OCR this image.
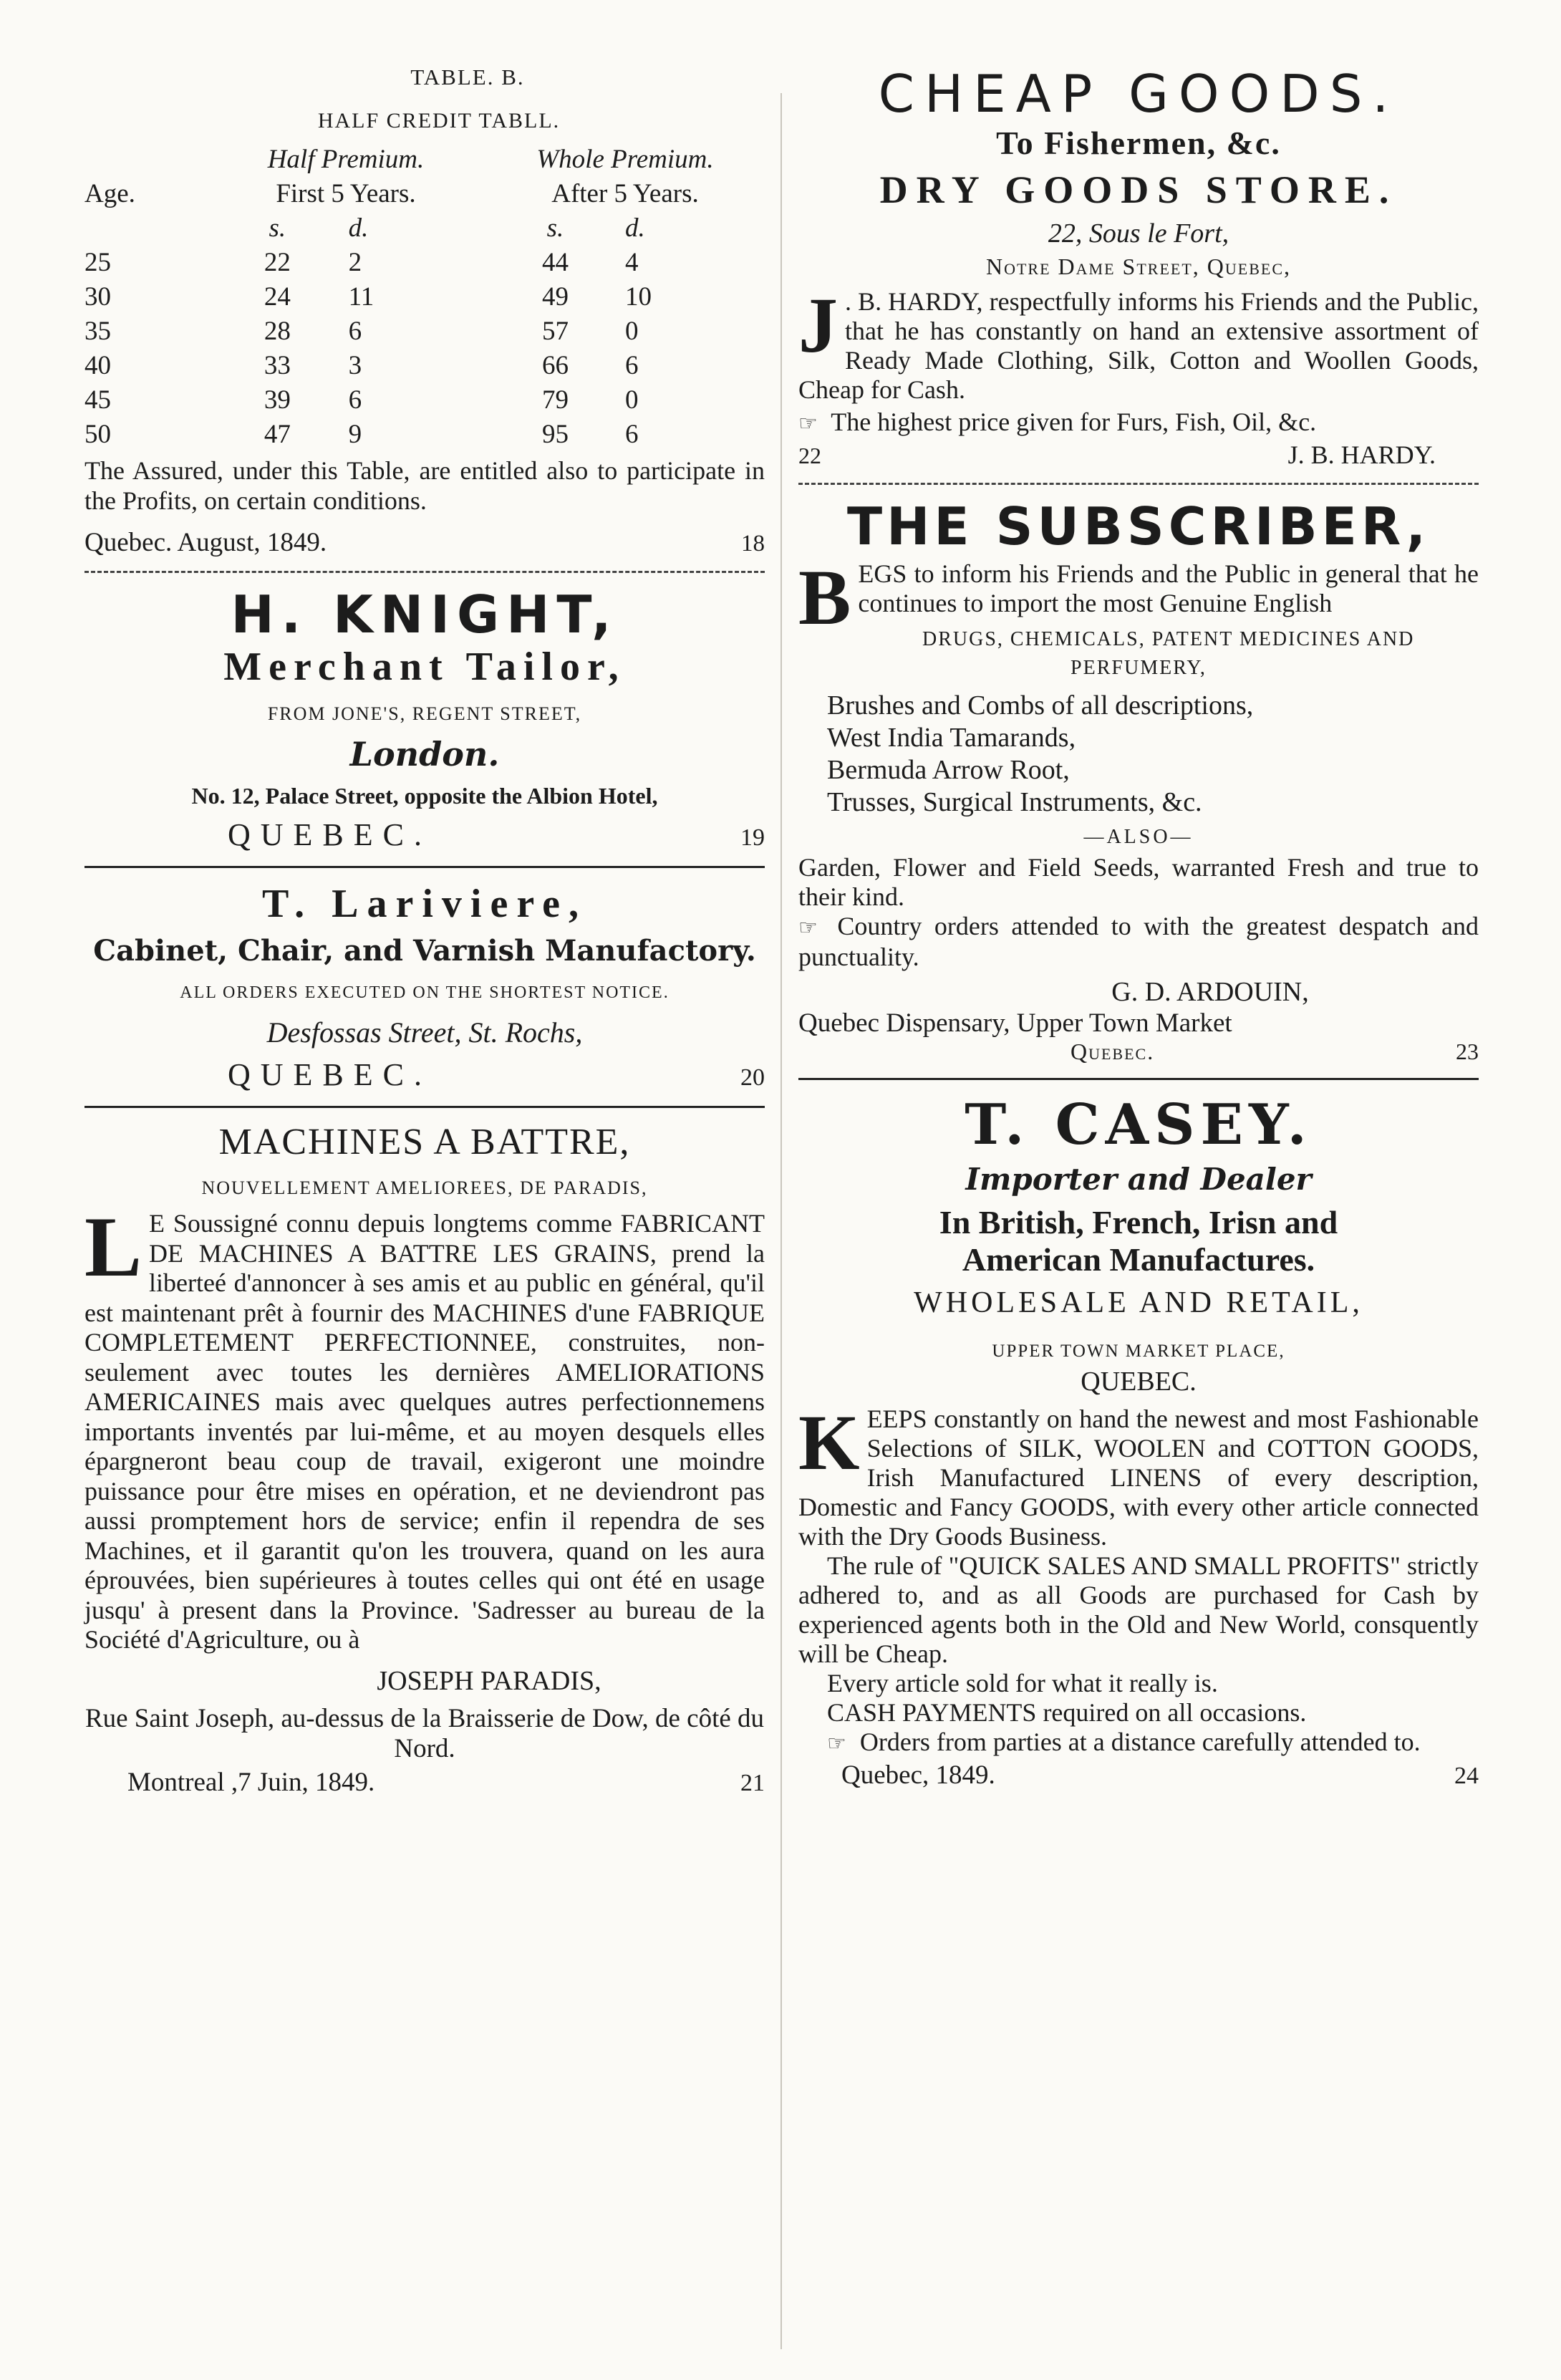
TABLE. B.
HALF CREDIT TABLL.
	Half Premium.		Whole Premium.	
Age.	First 5 Years.		After 5 Years.	
	s.	d.	s.	d.
25	22	2	44	4
30	24	11	49	10
35	28	6	57	0
40	33	3	66	6
45	39	6	79	0
50	47	9	95	6
The Assured, under this Table, are entitled also to participate in the Profits, on certain conditions.
Quebec. August, 1849.	18
H. KNIGHT,
Merchant Tailor,
FROM JONE'S, REGENT STREET,
London.
No. 12, Palace Street, opposite the Albion Hotel,
QUEBEC.	19
T. Lariviere,
Cabinet, Chair, and Varnish Manufactory.
ALL ORDERS EXECUTED ON THE SHORTEST NOTICE.
Desfossas Street, St. Rochs,
QUEBEC.	20
MACHINES A BATTRE,
NOUVELLEMENT AMELIOREES, DE PARADIS,
L E Soussigné connu depuis longtems comme FABRICANT DE MACHINES A BATTRE LES GRAINS, prend la liberteé d'annoncer à ses amis et au public en général, qu'il est maintenant prêt à fournir des MACHINES d'une FABRIQUE COMPLETEMENT PERFECTIONNEE, construites, non-seulement avec toutes les dernières AMELIORATIONS AMERICAINES mais avec quelques autres perfectionnemens importants inventés par lui-même, et au moyen desquels elles épargneront beau coup de travail, exigeront une moindre puissance pour être mises en opération, et ne deviendront pas aussi promptement hors de service; enfin il rependra de ses Machines, et il garantit qu'on les trouvera, quand on les aura éprouvées, bien supérieures à toutes celles qui ont été en usage jusqu' à present dans la Province. 'Sadresser au bureau de la Société d'Agriculture, ou à
JOSEPH PARADIS,
Rue Saint Joseph, au-dessus de la Braisserie de Dow, de côté du Nord.
Montreal ,7 Juin, 1849.	21
CHEAP GOODS.
To Fishermen, &c.
DRY GOODS STORE.
22, Sous le Fort,
Notre Dame Street, Quebec,
J . B. HARDY, respectfully informs his Friends and the Public, that he has constantly on hand an extensive assortment of Ready Made Clothing, Silk, Cotton and Woollen Goods, Cheap for Cash.
☞ The highest price given for Furs, Fish, Oil, &c.
22	J. B. HARDY.
THE SUBSCRIBER,
B EGS to inform his Friends and the Public in general that he continues to import the most Genuine English
DRUGS, CHEMICALS, PATENT MEDICINES AND PERFUMERY,
Brushes and Combs of all descriptions,
West India Tamarands,
Bermuda Arrow Root,
Trusses, Surgical Instruments, &c.
—ALSO—
Garden, Flower and Field Seeds, warranted Fresh and true to their kind.
☞ Country orders attended to with the greatest despatch and punctuality.
G. D. ARDOUIN,
Quebec Dispensary, Upper Town Market
Quebec.	23
T. CASEY.
Importer and Dealer
In British, French, Irisn and
American Manufactures.
WHOLESALE AND RETAIL,
UPPER TOWN MARKET PLACE,
QUEBEC.
K EEPS constantly on hand the newest and most Fashionable Selections of SILK, WOOLEN and COTTON GOODS, Irish Manufactured LINENS of every description, Domestic and Fancy GOODS, with every other article connected with the Dry Goods Business.
The rule of "QUICK SALES AND SMALL PROFITS" strictly adhered to, and as all Goods are purchased for Cash by experienced agents both in the Old and New World, consquently will be Cheap.
Every article sold for what it really is.
CASH PAYMENTS required on all occasions.
☞ Orders from parties at a distance carefully attended to.
Quebec, 1849.	24
